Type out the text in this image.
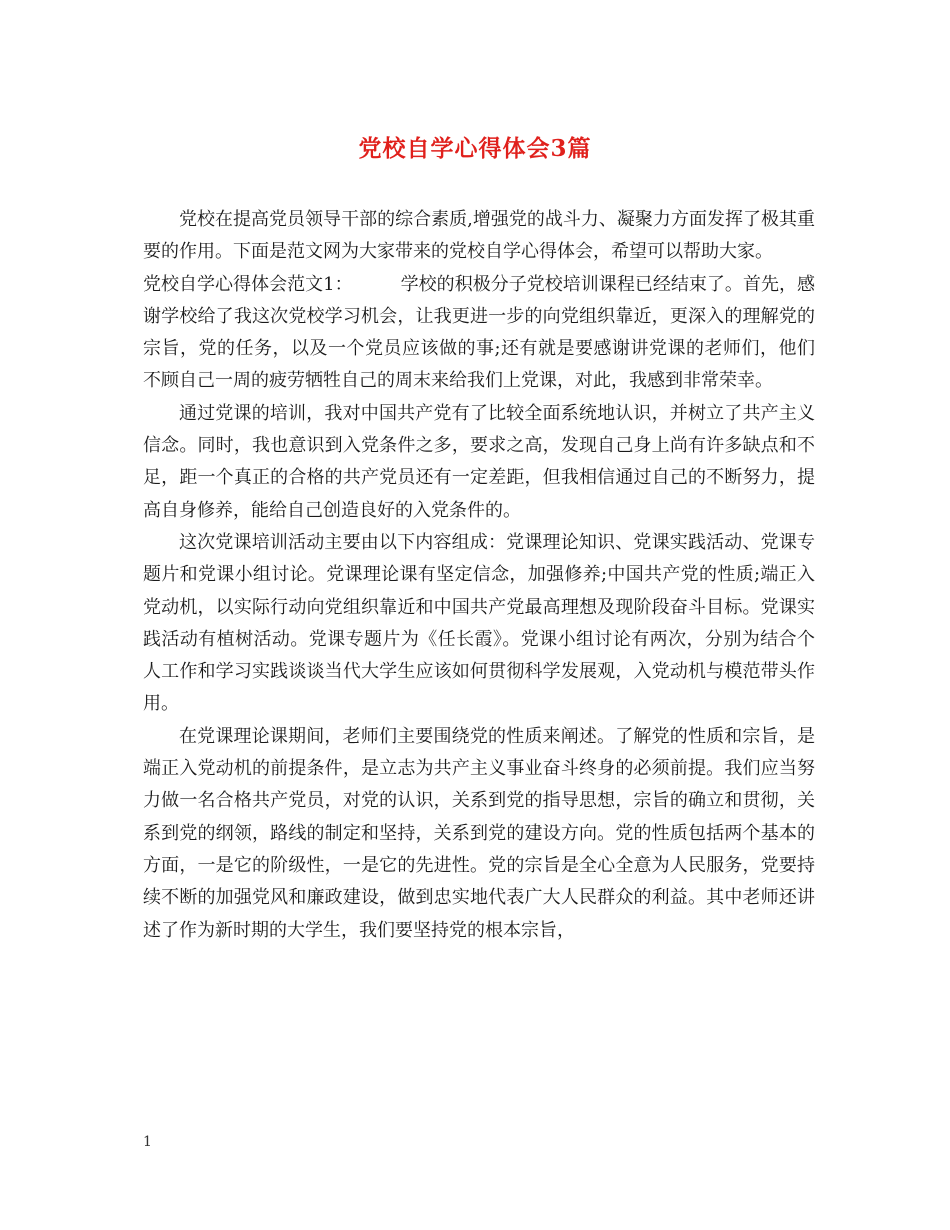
党校自学心得体会3篇

党校在提高党员领导干部的综合素质,增强党的战斗力、凝聚力方面发挥了极其重要的作用。下面是范文网为大家带来的党校自学心得体会，希望可以帮助大家。

党校自学心得体会范文1：	学校的积极分子党校培训课程已经结束了。首先，感谢学校给了我这次党校学习机会，让我更进一步的向党组织靠近，更深入的理解党的宗旨，党的任务，以及一个党员应该做的事;还有就是要感谢讲党课的老师们，他们不顾自己一周的疲劳牺牲自己的周末来给我们上党课，对此，我感到非常荣幸。

通过党课的培训，我对中国共产党有了比较全面系统地认识，并树立了共产主义信念。同时，我也意识到入党条件之多，要求之高，发现自己身上尚有许多缺点和不足，距一个真正的合格的共产党员还有一定差距，但我相信通过自己的不断努力，提高自身修养，能给自己创造良好的入党条件的。

这次党课培训活动主要由以下内容组成：党课理论知识、党课实践活动、党课专题片和党课小组讨论。党课理论课有坚定信念，加强修养;中国共产党的性质;端正入党动机，以实际行动向党组织靠近和中国共产党最高理想及现阶段奋斗目标。党课实践活动有植树活动。党课专题片为《任长霞》。党课小组讨论有两次，分别为结合个人工作和学习实践谈谈当代大学生应该如何贯彻科学发展观，入党动机与模范带头作用。

在党课理论课期间，老师们主要围绕党的性质来阐述。了解党的性质和宗旨，是端正入党动机的前提条件，是立志为共产主义事业奋斗终身的必须前提。我们应当努力做一名合格共产党员，对党的认识，关系到党的指导思想，宗旨的确立和贯彻，关系到党的纲领，路线的制定和坚持，关系到党的建设方向。党的性质包括两个基本的方面，一是它的阶级性，一是它的先进性。党的宗旨是全心全意为人民服务，党要持续不断的加强党风和廉政建设，做到忠实地代表广大人民群众的利益。其中老师还讲述了作为新时期的大学生，我们要坚持党的根本宗旨，

1
